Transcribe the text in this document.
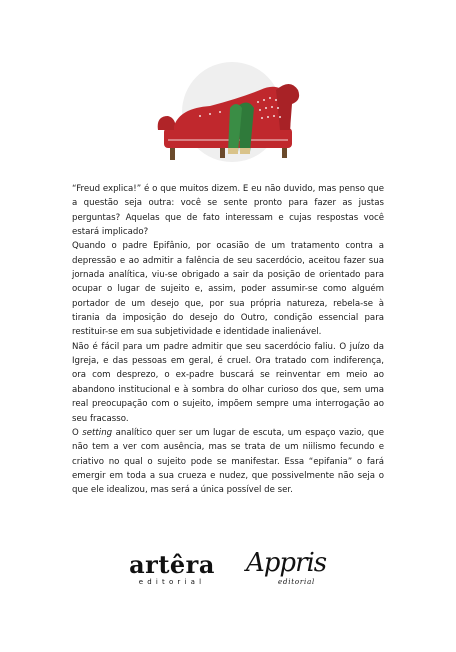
“Freud explica!” é o que muitos dizem. E eu não duvido, mas penso que a questão seja outra: você se sente pronto para fazer as justas perguntas? Aquelas que de fato interessam e cujas respostas você estará implicado?

Quando o padre Epifânio, por ocasião de um tratamento contra a depressão e ao admitir a falência de seu sacerdócio, aceitou fazer sua jornada analítica, viu-se obrigado a sair da posição de orientado para ocupar o lugar de sujeito e, assim, poder assumir-se como alguém portador de um desejo que, por sua própria natureza, rebela-se à tirania da imposição do desejo do Outro, condição essencial para restituir-se em sua subjetividade e identidade inalienável.

Não é fácil para um padre admitir que seu sacerdócio faliu. O juízo da Igreja, e das pessoas em geral, é cruel. Ora tratado com indiferença, ora com desprezo, o ex-padre buscará se reinventar em meio ao abandono institucional e à sombra do olhar curioso dos que, sem uma real preocupação com o sujeito, impõem sempre uma interrogação ao seu fracasso.

O setting analítico quer ser um lugar de escuta, um espaço vazio, que não tem a ver com ausência, mas se trata de um niilismo fecundo e criativo no qual o sujeito pode se manifestar. Essa “epifania” o fará emergir em toda a sua crueza e nudez, que possivelmente não seja o que ele idealizou, mas será a única possível de ser.

artêra
editorial
Appris
editorial
